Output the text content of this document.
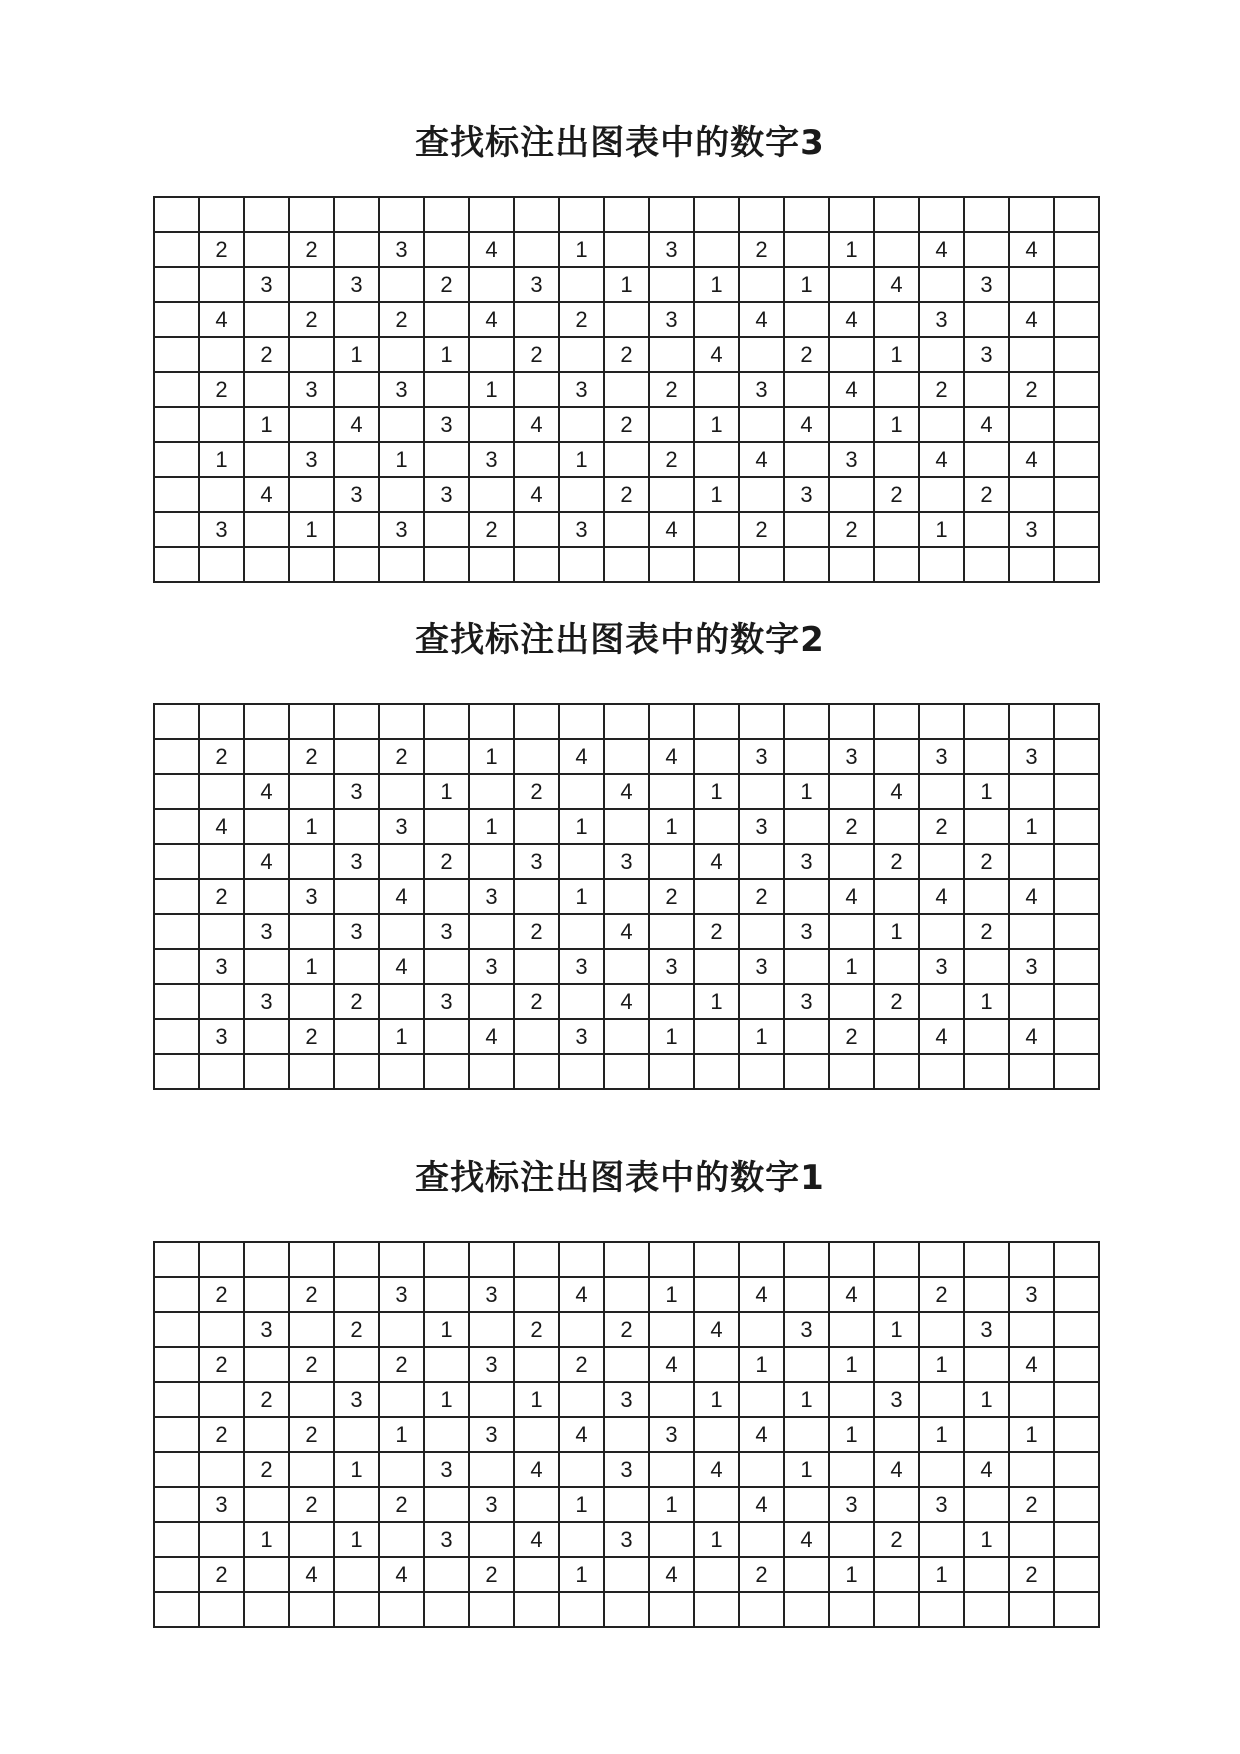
查找标注出图表中的数字3

	2		2		3		4		1		3		2		1		4		4	
		3		3		2		3		1		1		1		4		3		
	4		2		2		4		2		3		4		4		3		4	
		2		1		1		2		2		4		2		1		3		
	2		3		3		1		3		2		3		4		2		2	
		1		4		3		4		2		1		4		1		4		
	1		3		1		3		1		2		4		3		4		4	
		4		3		3		4		2		1		3		2		2		
	3		1		3		2		3		4		2		2		1		3	

查找标注出图表中的数字2

	2		2		2		1		4		4		3		3		3		3	
		4		3		1		2		4		1		1		4		1		
	4		1		3		1		1		1		3		2		2		1	
		4		3		2		3		3		4		3		2		2		
	2		3		4		3		1		2		2		4		4		4	
		3		3		3		2		4		2		3		1		2		
	3		1		4		3		3		3		3		1		3		3	
		3		2		3		2		4		1		3		2		1		
	3		2		1		4		3		1		1		2		4		4	

查找标注出图表中的数字1

	2		2		3		3		4		1		4		4		2		3	
		3		2		1		2		2		4		3		1		3		
	2		2		2		3		2		4		1		1		1		4	
		2		3		1		1		3		1		1		3		1		
	2		2		1		3		4		3		4		1		1		1	
		2		1		3		4		3		4		1		4		4		
	3		2		2		3		1		1		4		3		3		2	
		1		1		3		4		3		1		4		2		1		
	2		4		4		2		1		4		2		1		1		2	
